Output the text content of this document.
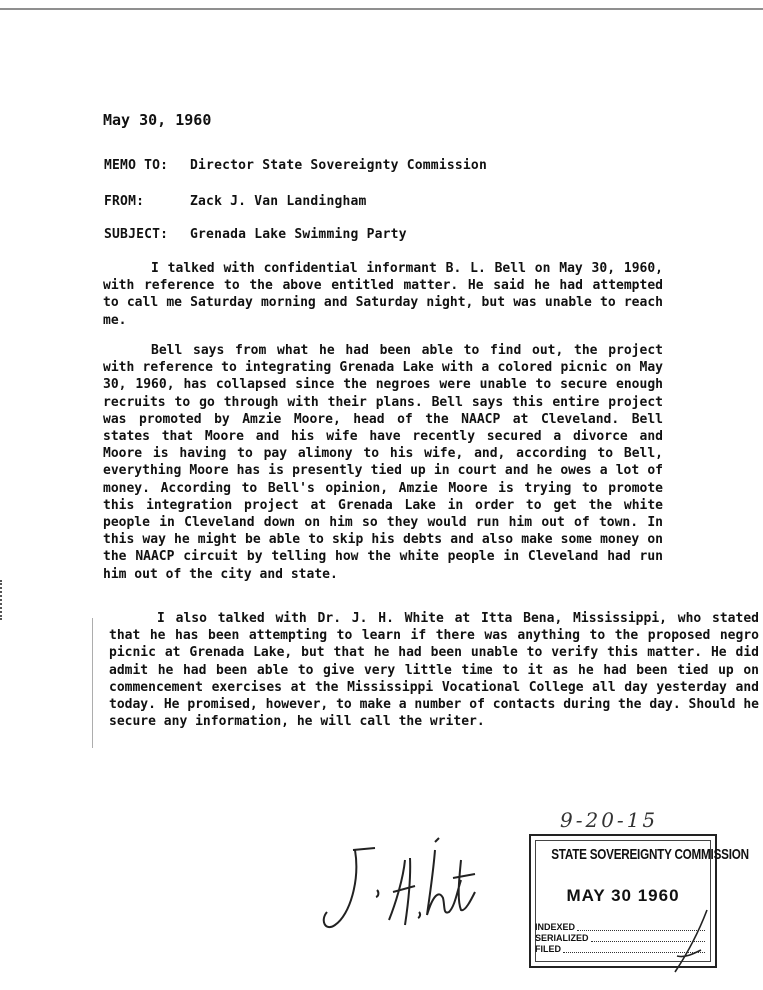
May 30, 1960
MEMO TO: Director State Sovereignty Commission
FROM:	Zack J. Van Landingham
SUBJECT: Grenada Lake Swimming Party

I talked with confidential informant B. L. Bell on May 30, 1960, with reference to the above entitled matter. He said he had attempted to call me Saturday morning and Saturday night, but was unable to reach me.

Bell says from what he had been able to find out, the project with reference to integrating Grenada Lake with a colored picnic on May 30, 1960, has collapsed since the negroes were unable to secure enough recruits to go through with their plans. Bell says this entire project was promoted by Amzie Moore, head of the NAACP at Cleveland. Bell states that Moore and his wife have recently secured a divorce and Moore is having to pay alimony to his wife, and, according to Bell, everything Moore has is presently tied up in court and he owes a lot of money. According to Bell's opinion, Amzie Moore is trying to promote this integration project at Grenada Lake in order to get the white people in Cleveland down on him so they would run him out of town. In this way he might be able to skip his debts and also make some money on the NAACP circuit by telling how the white people in Cleveland had run him out of the city and state.

I also talked with Dr. J. H. White at Itta Bena, Mississippi, who stated that he has been attempting to learn if there was anything to the proposed negro picnic at Grenada Lake, but that he had been unable to verify this matter. He did admit he had been able to give very little time to it as he had been tied up on commencement exercises at the Mississippi Vocational College all day yesterday and today. He promised, however, to make a number of contacts during the day. Should he secure any information, he will call the writer.

9-20-15
STATE SOVEREIGNTY COMMISSION
MAY 30 1960
INDEXED
SERIALIZED
FILED
